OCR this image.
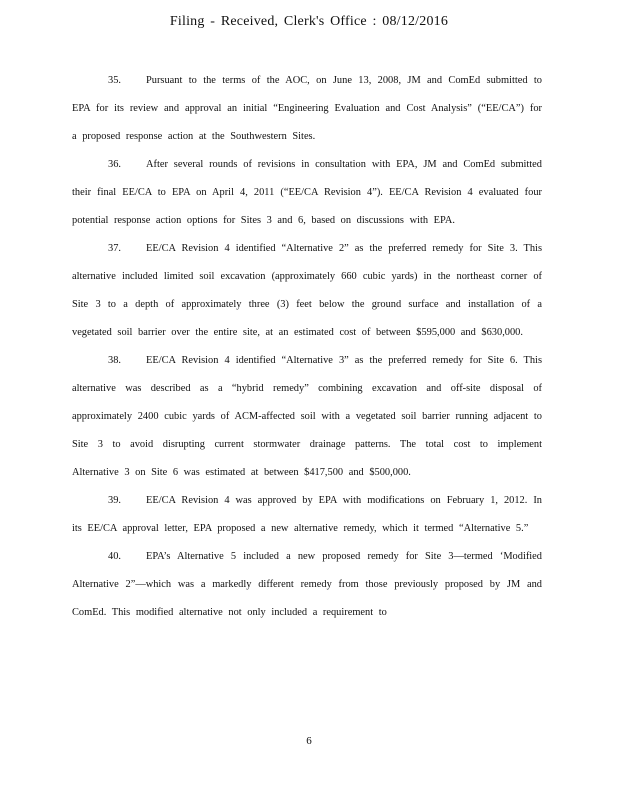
Filing - Received, Clerk's Office : 08/12/2016

35. Pursuant to the terms of the AOC, on June 13, 2008, JM and ComEd submitted to EPA for its review and approval an initial “Engineering Evaluation and Cost Analysis” (“EE/CA”) for a proposed response action at the Southwestern Sites.

36. After several rounds of revisions in consultation with EPA, JM and ComEd submitted their final EE/CA to EPA on April 4, 2011 (“EE/CA Revision 4”). EE/CA Revision 4 evaluated four potential response action options for Sites 3 and 6, based on discussions with EPA.

37. EE/CA Revision 4 identified “Alternative 2” as the preferred remedy for Site 3. This alternative included limited soil excavation (approximately 660 cubic yards) in the northeast corner of Site 3 to a depth of approximately three (3) feet below the ground surface and installation of a vegetated soil barrier over the entire site, at an estimated cost of between $595,000 and $630,000.

38. EE/CA Revision 4 identified “Alternative 3” as the preferred remedy for Site 6. This alternative was described as a “hybrid remedy” combining excavation and off-site disposal of approximately 2400 cubic yards of ACM-affected soil with a vegetated soil barrier running adjacent to Site 3 to avoid disrupting current stormwater drainage patterns. The total cost to implement Alternative 3 on Site 6 was estimated at between $417,500 and $500,000.

39. EE/CA Revision 4 was approved by EPA with modifications on February 1, 2012. In its EE/CA approval letter, EPA proposed a new alternative remedy, which it termed “Alternative 5.”

40. EPA’s Alternative 5 included a new proposed remedy for Site 3—termed ‘Modified Alternative 2”—which was a markedly different remedy from those previously proposed by JM and ComEd. This modified alternative not only included a requirement to

6
